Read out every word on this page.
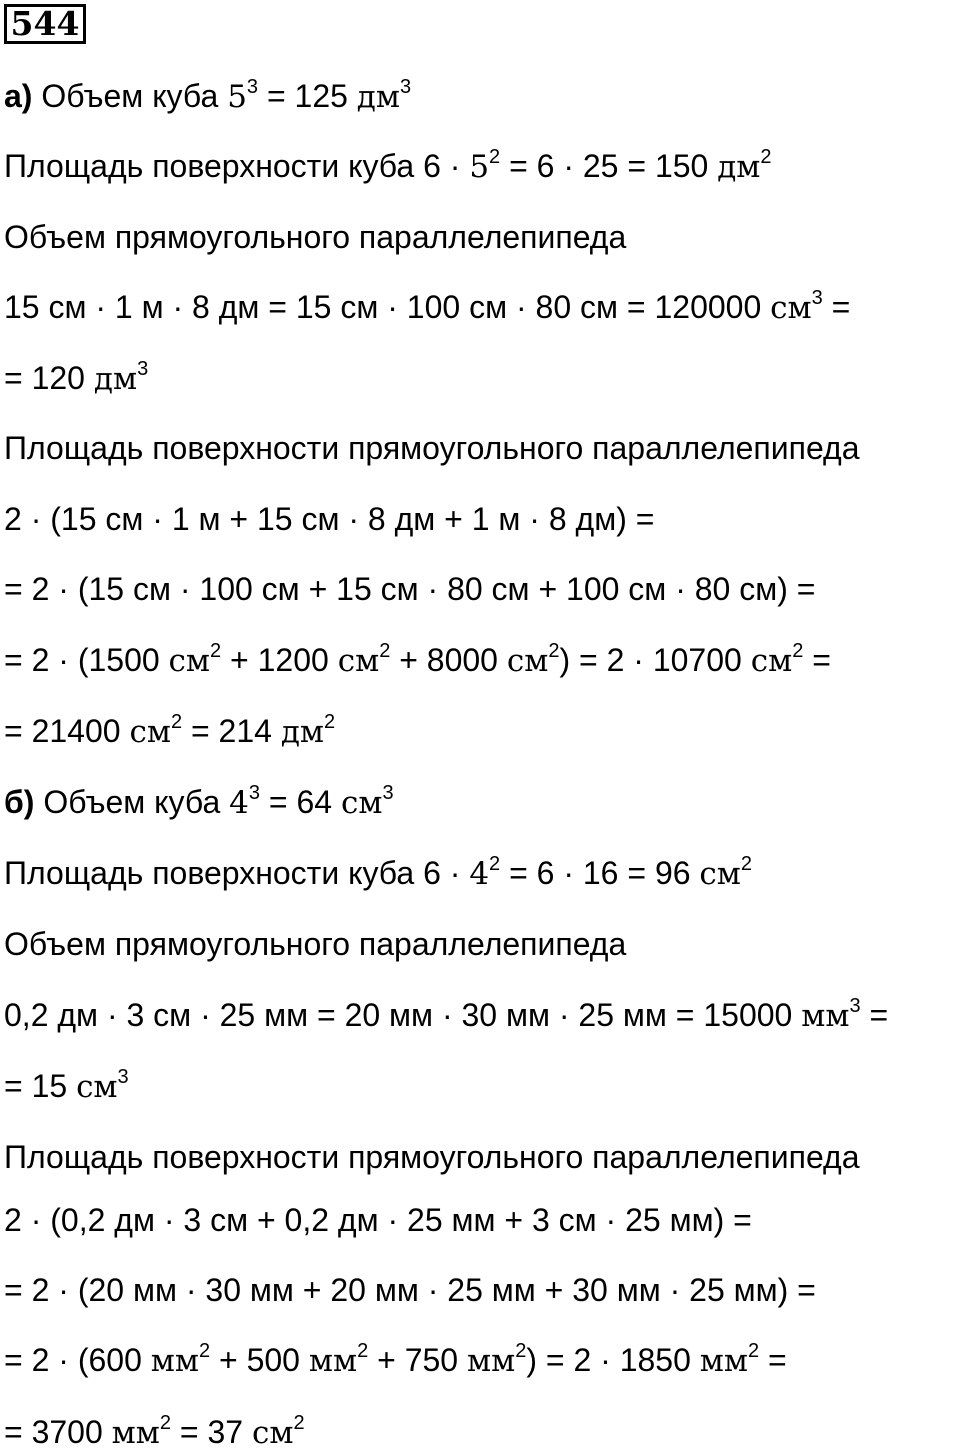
544
а) Объем куба $5^3 = 125$ $дм^3$
Площадь поверхности куба $6 \cdot 5^2 = 6 \cdot 25 = 150$ $дм^2$
Объем прямоугольного параллелепипеда
15 см · 1 м · 8 дм = 15 см · 100 см · 80 см = 120000 $см^3$ =
= 120 $дм^3$
Площадь поверхности прямоугольного параллелепипеда
2 · (15 см · 1 м + 15 см · 8 дм + 1 м · 8 дм) =
= 2 · (15 см · 100 см + 15 см · 80 см + 100 см · 80 см) =
= 2 · (1500 $см^2 + 1200$ $см^2 + 8000$ $см^2) = 2 \cdot 10700$ $см^2$ =
= 21400 $см^2 = 214$ $дм^2$
б) Объем куба $4^3 = 64$ $см^3$
Площадь поверхности куба $6 \cdot 4^2 = 6 \cdot 16 = 96$ $см^2$
Объем прямоугольного параллелепипеда
0,2 дм · 3 см · 25 мм = 20 мм · 30 мм · 25 мм = 15000 $мм^3$ =
= 15 $см^3$
Площадь поверхности прямоугольного параллелепипеда
2 · (0,2 дм · 3 см + 0,2 дм · 25 мм + 3 см · 25 мм) =
= 2 · (20 мм · 30 мм + 20 мм · 25 мм + 30 мм · 25 мм) =
= 2 · (600 $мм^2 + 500$ $мм^2 + 750$ $мм^2) = 2 \cdot 1850$ $мм^2$ =
= 3700 $мм^2 = 37$ $см^2$
